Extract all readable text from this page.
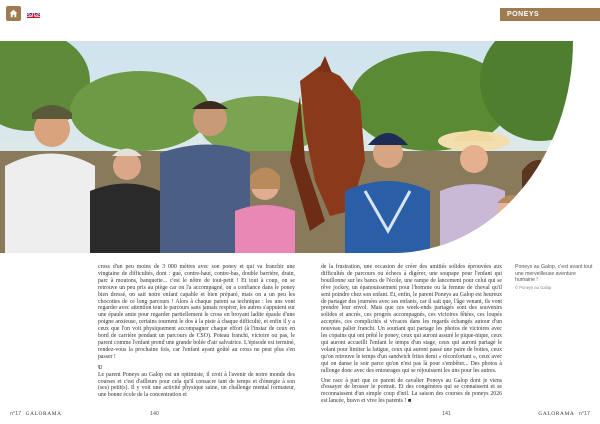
PONEYS
Poneys au Galop, c'est avant tout une merveilleuse aventure humaine !
© Poneys au Galop

cross d'un peu moins de 3 000 mètres avec son poney et qui va franchir une vingtaine de difficultés, dont : gué, contre-haut, contre-bas, double barrière, drain, parc à moutons, banquette... c'est le nôtre de tout-petit ! Et tout à coup, on se retrouve un peu pris au piège car on l'a accompagné, on a confiance dans le poney bien dressé, on sait notre enfant capable et bien préparé, mais on a un peu les chocottes de ce long parcours ! Alors à chaque parent sa technique : les uns vont regarder avec attention tout le parcours sans jamais respirer, les autres s'appuient sur une épaule amie pour regarder partiellement le cross en broyant ladite épaule d'une poigne anxieuse, certains tournent le dos à la piste à chaque difficulté, et enfin il y a ceux que l'on voit physiquement accompagner chaque effort (à l'instar de ceux en bord de carrière pendant un parcours de CSO). Poteau franchi, victoire ou pas, le parent comme l'enfant prend une grande bolée d'air salvatrice. L'épisode est terminé, rendez-vous la prochaine fois, car l'enfant ayant goûté au cross ne peut plus s'en passer !

U

Le parent Poneys au Galop est un optimiste, il croit à l'avenir de notre monde des courses et c'est d'ailleurs pour cela qu'il consacre tant de temps et d'énergie à son (ses) petit(s). Il y voit une activité physique saine, un challenge mental formateur, une bonne école de la concentration et

de la frustration, une occasion de créer des amitiés solides éprouvées aux difficultés de parcours ou échecs à digérer, une soupape pour l'enfant qui bouillonne sur les bancs de l'école, une rampe de lancement pour celui qui se rêve jockey, un épanouissement pour l'homme ou la femme de cheval qu'il sent poindre chez son enfant. Et, enfin, le parent Poneys au Galop est heureux de partager des journées avec ses enfants, car il sait que, l'âge venant, ils vont prendre leur envol. Mais que ces week-ends partagés sont des souvenirs solides et ancrés, ces progrès accompagnés, ces victoires fêtées, ces loupés acceptés, ces complicités si vivaces dans les regards échangés autour d'un nouveau palier franchi. Un souriant qui partage les photos de victoires avec les copains qui ont prêté le poney, ceux qui auront assuré le pique-nique, ceux qui auront accueilli l'enfant le temps d'un stage, ceux qui auront partagé le volant pour limiter la fatigue, ceux qui auront passé une paire de bottes, ceux qu'on retrouve le temps d'un sandwich frites demi « réconfortant », ceux avec qui on danse le soir parce qu'on n'est pas là pour s'embêter... Des photos à rallonge donc avec des entourages qui se réjouissent les uns pour les autres.

Une race à part que ce parent de cavalier Poneys au Galop dont je viens d'essayer de brosser le portrait. Et des congénères qui se connaissent et se reconnaissent d'un simple coup d'œil. La saison des courses de poneys 2026 est lancée, bravo et vive les parents ! ■

n°17 GALORAMA	140	141	GALORAMA n°17
